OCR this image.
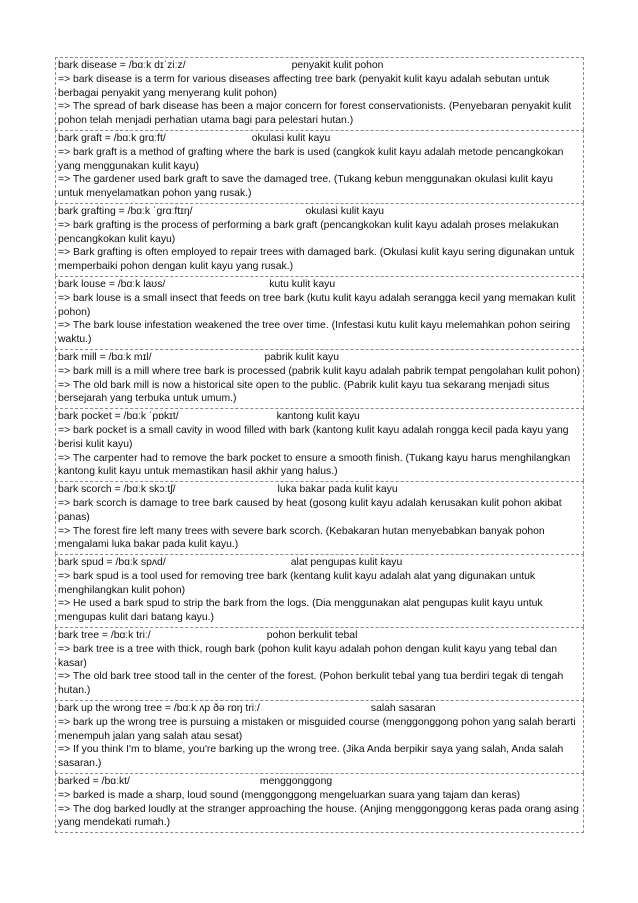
bark disease = /bɑːk dɪˈziːz/	penyakit kulit pohon

=> bark disease is a term for various diseases affecting tree bark (penyakit kulit kayu adalah sebutan untuk berbagai penyakit yang menyerang kulit pohon)

=> The spread of bark disease has been a major concern for forest conservationists. (Penyebaran penyakit kulit pohon telah menjadi perhatian utama bagi para pelestari hutan.)

bark graft = /bɑːk ɡrɑːft/	okulasi kulit kayu

=> bark graft is a method of grafting where the bark is used (cangkok kulit kayu adalah metode pencangkokan yang menggunakan kulit kayu)

=> The gardener used bark graft to save the damaged tree. (Tukang kebun menggunakan okulasi kulit kayu untuk menyelamatkan pohon yang rusak.)

bark grafting = /bɑːk ˈɡrɑːftɪŋ/	okulasi kulit kayu

=> bark grafting is the process of performing a bark graft (pencangkokan kulit kayu adalah proses melakukan pencangkokan kulit kayu)

=> Bark grafting is often employed to repair trees with damaged bark. (Okulasi kulit kayu sering digunakan untuk memperbaiki pohon dengan kulit kayu yang rusak.)

bark louse = /bɑːk laʊs/	kutu kulit kayu

=> bark louse is a small insect that feeds on tree bark (kutu kulit kayu adalah serangga kecil yang memakan kulit pohon)

=> The bark louse infestation weakened the tree over time. (Infestasi kutu kulit kayu melemahkan pohon seiring waktu.)

bark mill = /bɑːk mɪl/	pabrik kulit kayu

=> bark mill is a mill where tree bark is processed (pabrik kulit kayu adalah pabrik tempat pengolahan kulit pohon)

=> The old bark mill is now a historical site open to the public. (Pabrik kulit kayu tua sekarang menjadi situs bersejarah yang terbuka untuk umum.)

bark pocket = /bɑːk ˈpɒkɪt/	kantong kulit kayu

=> bark pocket is a small cavity in wood filled with bark (kantong kulit kayu adalah rongga kecil pada kayu yang berisi kulit kayu)

=> The carpenter had to remove the bark pocket to ensure a smooth finish. (Tukang kayu harus menghilangkan kantong kulit kayu untuk memastikan hasil akhir yang halus.)

bark scorch = /bɑːk skɔːtʃ/	luka bakar pada kulit kayu

=> bark scorch is damage to tree bark caused by heat (gosong kulit kayu adalah kerusakan kulit pohon akibat panas)

=> The forest fire left many trees with severe bark scorch. (Kebakaran hutan menyebabkan banyak pohon mengalami luka bakar pada kulit kayu.)

bark spud = /bɑːk spʌd/	alat pengupas kulit kayu

=> bark spud is a tool used for removing tree bark (kentang kulit kayu adalah alat yang digunakan untuk menghilangkan kulit pohon)

=> He used a bark spud to strip the bark from the logs. (Dia menggunakan alat pengupas kulit kayu untuk mengupas kulit dari batang kayu.)

bark tree = /bɑːk triː/	pohon berkulit tebal

=> bark tree is a tree with thick, rough bark (pohon kulit kayu adalah pohon dengan kulit kayu yang tebal dan kasar)

=> The old bark tree stood tall in the center of the forest. (Pohon berkulit tebal yang tua berdiri tegak di tengah hutan.)

bark up the wrong tree = /bɑːk ʌp ðə rɒŋ triː/	salah sasaran

=> bark up the wrong tree is pursuing a mistaken or misguided course (menggonggong pohon yang salah berarti menempuh jalan yang salah atau sesat)

=> If you think I'm to blame, you're barking up the wrong tree. (Jika Anda berpikir saya yang salah, Anda salah sasaran.)

barked = /bɑːkt/	menggonggong

=> barked is made a sharp, loud sound (menggonggong mengeluarkan suara yang tajam dan keras)

=> The dog barked loudly at the stranger approaching the house. (Anjing menggonggong keras pada orang asing yang mendekati rumah.)
